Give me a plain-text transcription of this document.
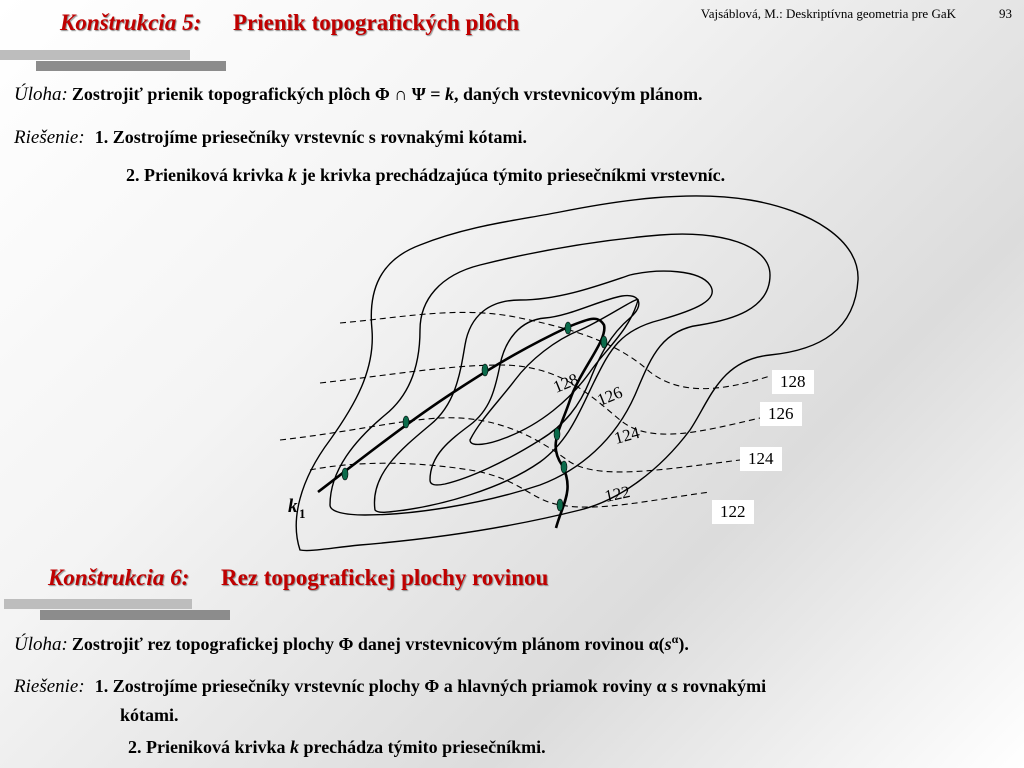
Konštrukcia 5: Prienik topografických plôch	Vajsáblová, M.: Deskriptívna geometria pre GaK	93
Úloha: Zostrojiť prienik topografických plôch Φ ∩ Ψ = k, daných vrstevnicovým plánom.
Riešenie: 1. Zostrojíme priesečníky vrstevníc s rovnakými kótami.
2. Prieniková krivka k je krivka prechádzajúca týmito priesečníkmi vrstevníc.
128 126
124
122
k 1
128
126
124
122
Konštrukcia 6: Rez topografickej plochy rovinou
Úloha: Zostrojiť rez topografickej plochy Φ danej vrstevnicovým plánom rovinou $\alpha(s^\alpha)$.
Riešenie: 1. Zostrojíme priesečníky vrstevníc plochy Φ a hlavných priamok roviny α s rovnakými
kótami.
2. Prieniková krivka k prechádza týmito priesečníkmi.
